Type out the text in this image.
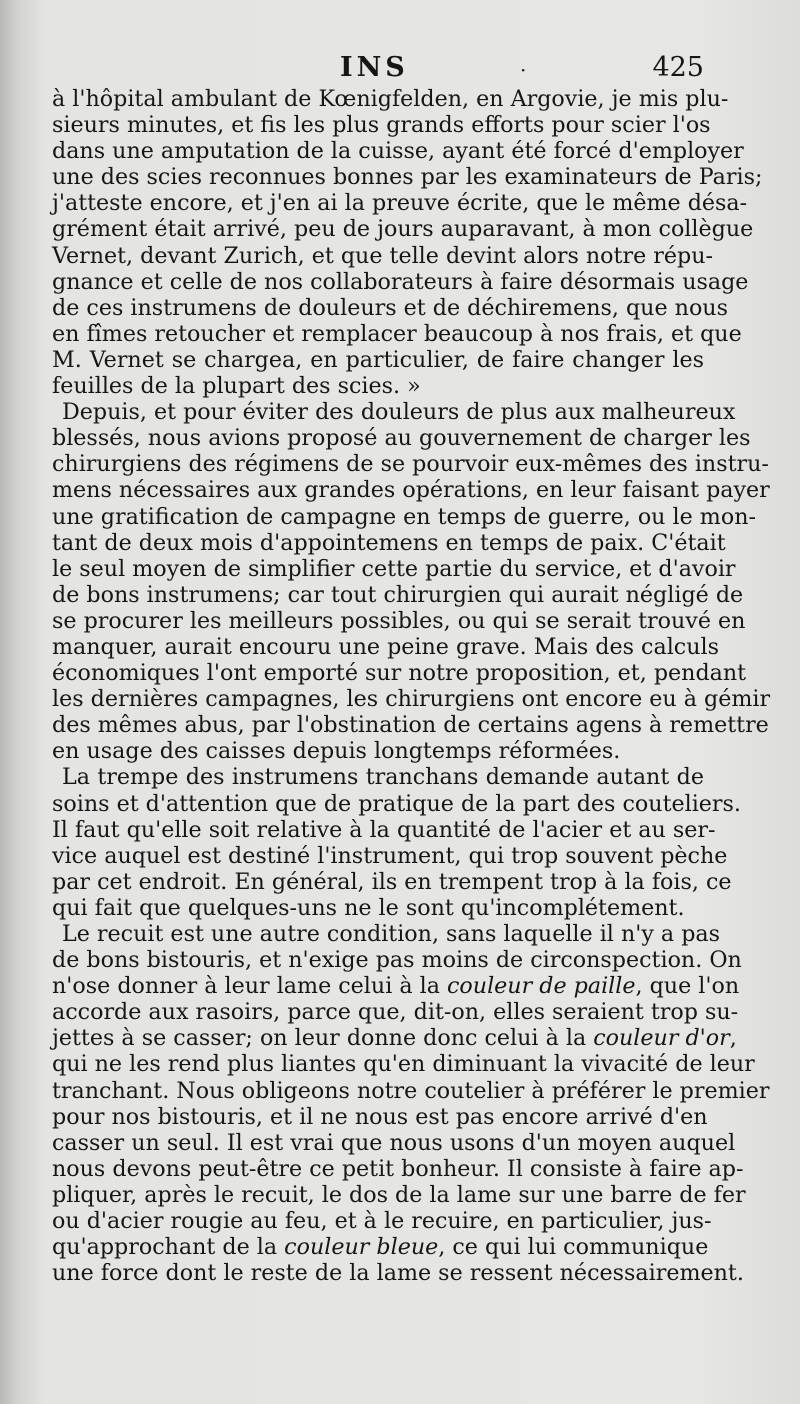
INS	·	425
à l'hôpital ambulant de Kœnigfelden, en Argovie, je mis plu-
sieurs minutes, et fis les plus grands efforts pour scier l'os
dans une amputation de la cuisse, ayant été forcé d'employer
une des scies reconnues bonnes par les examinateurs de Paris;
j'atteste encore, et j'en ai la preuve écrite, que le même désa-
grément était arrivé, peu de jours auparavant, à mon collègue
Vernet, devant Zurich, et que telle devint alors notre répu-
gnance et celle de nos collaborateurs à faire désormais usage
de ces instrumens de douleurs et de déchiremens, que nous
en fîmes retoucher et remplacer beaucoup à nos frais, et que
M. Vernet se chargea, en particulier, de faire changer les
feuilles de la plupart des scies. »
Depuis, et pour éviter des douleurs de plus aux malheureux
blessés, nous avions proposé au gouvernement de charger les
chirurgiens des régimens de se pourvoir eux-mêmes des instru-
mens nécessaires aux grandes opérations, en leur faisant payer
une gratification de campagne en temps de guerre, ou le mon-
tant de deux mois d'appointemens en temps de paix. C'était
le seul moyen de simplifier cette partie du service, et d'avoir
de bons instrumens; car tout chirurgien qui aurait négligé de
se procurer les meilleurs possibles, ou qui se serait trouvé en
manquer, aurait encouru une peine grave. Mais des calculs
économiques l'ont emporté sur notre proposition, et, pendant
les dernières campagnes, les chirurgiens ont encore eu à gémir
des mêmes abus, par l'obstination de certains agens à remettre
en usage des caisses depuis longtemps réformées.
La trempe des instrumens tranchans demande autant de
soins et d'attention que de pratique de la part des couteliers.
Il faut qu'elle soit relative à la quantité de l'acier et au ser-
vice auquel est destiné l'instrument, qui trop souvent pèche
par cet endroit. En général, ils en trempent trop à la fois, ce
qui fait que quelques-uns ne le sont qu'incomplétement.
Le recuit est une autre condition, sans laquelle il n'y a pas
de bons bistouris, et n'exige pas moins de circonspection. On
n'ose donner à leur lame celui à la couleur de paille, que l'on
accorde aux rasoirs, parce que, dit-on, elles seraient trop su-
jettes à se casser; on leur donne donc celui à la couleur d'or,
qui ne les rend plus liantes qu'en diminuant la vivacité de leur
tranchant. Nous obligeons notre coutelier à préférer le premier
pour nos bistouris, et il ne nous est pas encore arrivé d'en
casser un seul. Il est vrai que nous usons d'un moyen auquel
nous devons peut-être ce petit bonheur. Il consiste à faire ap-
pliquer, après le recuit, le dos de la lame sur une barre de fer
ou d'acier rougie au feu, et à le recuire, en particulier, jus-
qu'approchant de la couleur bleue, ce qui lui communique
une force dont le reste de la lame se ressent nécessairement.
